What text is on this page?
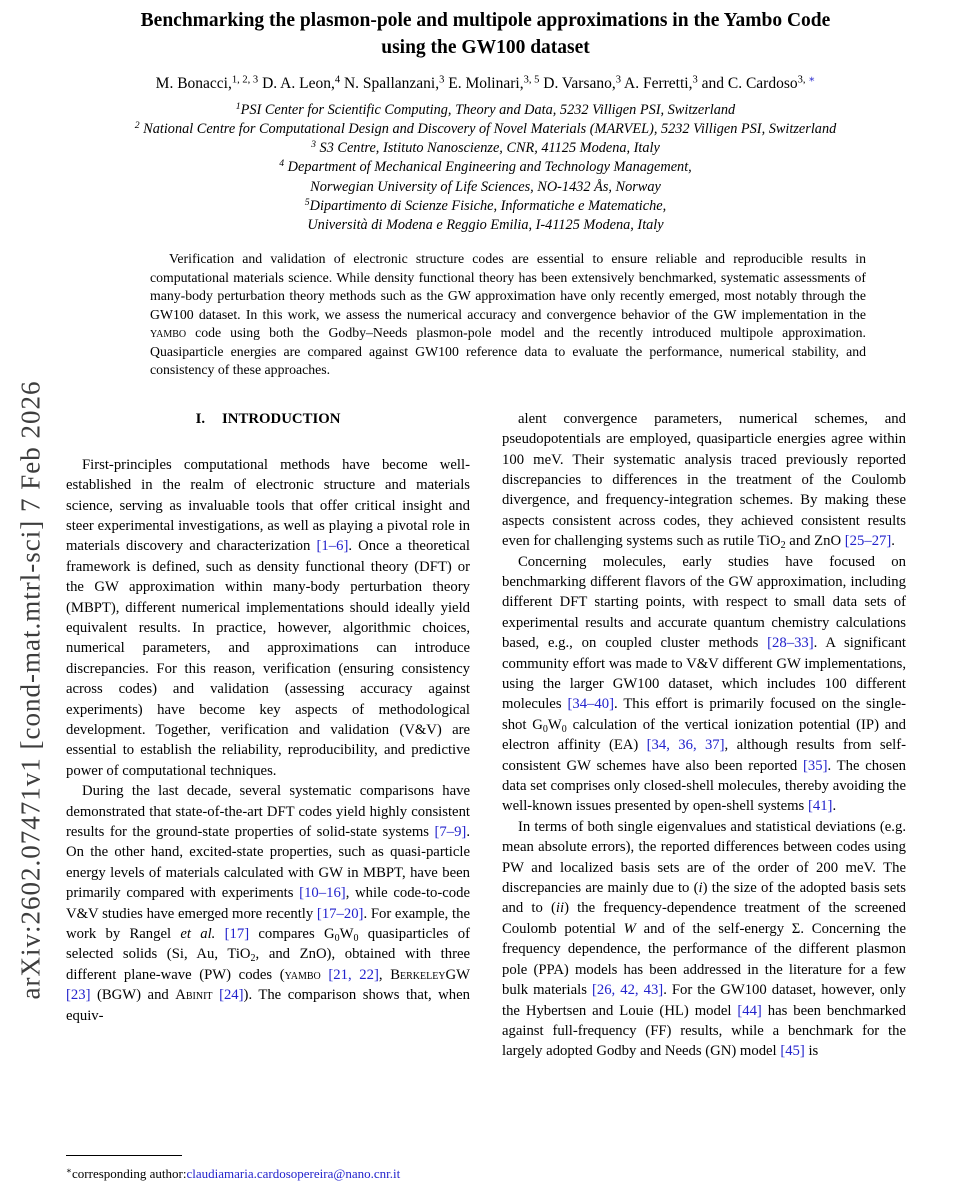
arXiv:2602.07471v1 [cond-mat.mtrl-sci] 7 Feb 2026
Benchmarking the plasmon-pole and multipole approximations in the Yambo Code
using the GW100 dataset
M. Bonacci,$^{1, 2, 3}$ D. A. Leon,$^4$ N. Spallanzani,$^3$ E. Molinari,$^{3, 5}$ D. Varsano,$^3$ A. Ferretti,$^3$ and C. Cardoso$^{3,}$ ∗
$^1$PSI Center for Scientific Computing, Theory and Data, 5232 Villigen PSI, Switzerland
$^2$ National Centre for Computational Design and Discovery of Novel Materials (MARVEL), 5232 Villigen PSI, Switzerland
$^3$ S3 Centre, Istituto Nanoscienze, CNR, 41125 Modena, Italy
$^4$ Department of Mechanical Engineering and Technology Management,
Norwegian University of Life Sciences, NO-1432 Ås, Norway
$^5$Dipartimento di Scienze Fisiche, Informatiche e Matematiche,
Università di Modena e Reggio Emilia, I-41125 Modena, Italy
Verification and validation of electronic structure codes are essential to ensure reliable and reproducible results in computational materials science. While density functional theory has been extensively benchmarked, systematic assessments of many-body perturbation theory methods such as the GW approximation have only recently emerged, most notably through the GW100 dataset. In this work, we assess the numerical accuracy and convergence behavior of the GW implementation in the yambo code using both the Godby–Needs plasmon-pole model and the recently introduced multipole approximation. Quasiparticle energies are compared against GW100 reference data to evaluate the performance, numerical stability, and consistency of these approaches.
I. INTRODUCTION

First-principles computational methods have become well-established in the realm of electronic structure and materials science, serving as invaluable tools that offer critical insight and steer experimental investigations, as well as playing a pivotal role in materials discovery and characterization [1–6]. Once a theoretical framework is defined, such as density functional theory (DFT) or the GW approximation within many-body perturbation theory (MBPT), different numerical implementations should ideally yield equivalent results. In practice, however, algorithmic choices, numerical parameters, and approximations can introduce discrepancies. For this reason, verification (ensuring consistency across codes) and validation (assessing accuracy against experiments) have become key aspects of methodological development. Together, verification and validation (V&V) are essential to establish the reliability, reproducibility, and predictive power of computational techniques.

During the last decade, several systematic comparisons have demonstrated that state-of-the-art DFT codes yield highly consistent results for the ground-state properties of solid-state systems [7–9]. On the other hand, excited-state properties, such as quasi-particle energy levels of materials calculated with GW in MBPT, have been primarily compared with experiments [10–16], while code-to-code V&V studies have emerged more recently [17–20]. For example, the work by Rangel et al. [17] compares $G_0W_0$ quasiparticles of selected solids (Si, Au, TiO$_2$, and ZnO), obtained with three different plane-wave (PW) codes (yambo [21, 22], BerkeleyGW [23] (BGW) and Abinit [24]). The comparison shows that, when equiv-

alent convergence parameters, numerical schemes, and pseudopotentials are employed, quasiparticle energies agree within 100 meV. Their systematic analysis traced previously reported discrepancies to differences in the treatment of the Coulomb divergence, and frequency-integration schemes. By making these aspects consistent across codes, they achieved consistent results even for challenging systems such as rutile TiO$_2$ and ZnO [25–27].

Concerning molecules, early studies have focused on benchmarking different flavors of the GW approximation, including different DFT starting points, with respect to small data sets of experimental results and accurate quantum chemistry calculations based, e.g., on coupled cluster methods [28–33]. A significant community effort was made to V&V different GW implementations, using the larger GW100 dataset, which includes 100 different molecules [34–40]. This effort is primarily focused on the single-shot $G_0W_0$ calculation of the vertical ionization potential (IP) and electron affinity (EA) [34, 36, 37], although results from self-consistent GW schemes have also been reported [35]. The chosen data set comprises only closed-shell molecules, thereby avoiding the well-known issues presented by open-shell systems [41].

In terms of both single eigenvalues and statistical deviations (e.g. mean absolute errors), the reported differences between codes using PW and localized basis sets are of the order of 200 meV. The discrepancies are mainly due to (i) the size of the adopted basis sets and to (ii) the frequency-dependence treatment of the screened Coulomb potential W and of the self-energy Σ. Concerning the frequency dependence, the performance of the different plasmon pole (PPA) models has been addressed in the literature for a few bulk materials [26, 42, 43]. For the GW100 dataset, however, only the Hybertsen and Louie (HL) model [44] has been benchmarked against full-frequency (FF) results, while a benchmark for the largely adopted Godby and Needs (GN) model [45] is

∗corresponding author:claudiamaria.cardosopereira@nano.cnr.it
